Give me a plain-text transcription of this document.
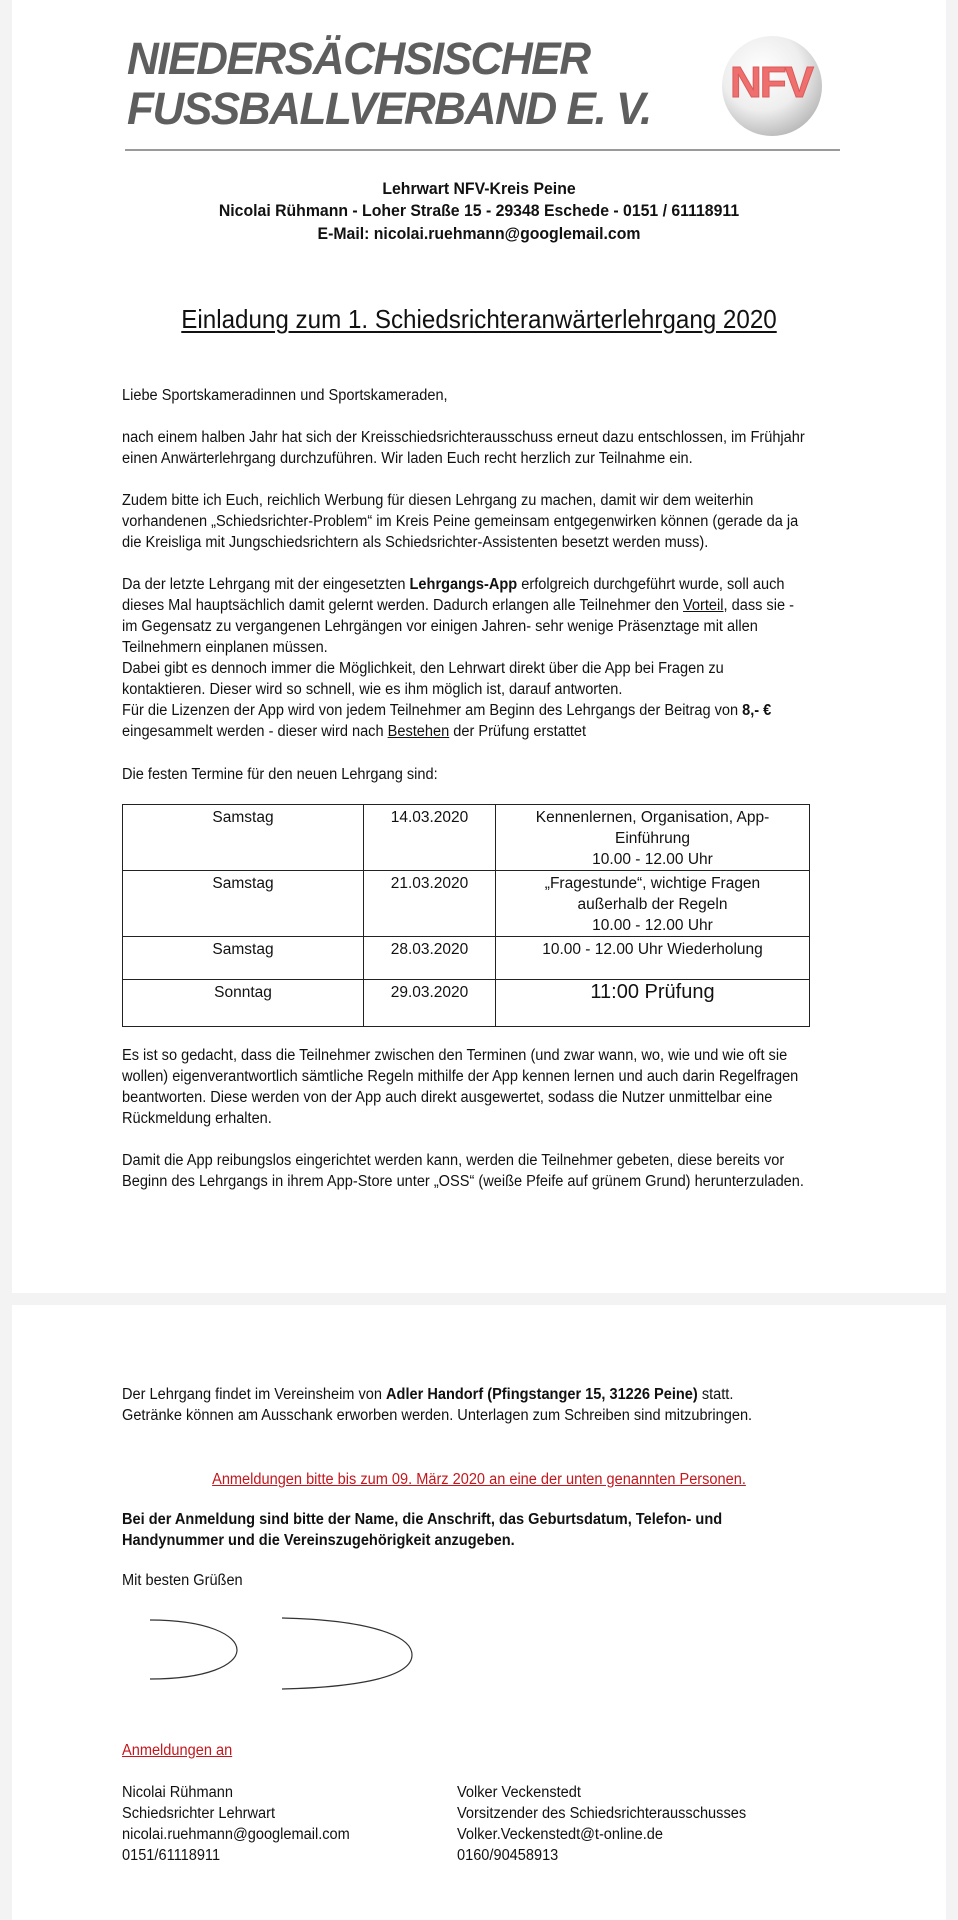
NIEDERSÄCHSISCHER
FUSSBALLVERBAND E. V.
NFV
Lehrwart NFV-Kreis Peine
Nicolai Rühmann - Loher Straße 15 - 29348 Eschede - 0151 / 61118911
E-Mail: nicolai.ruehmann@googlemail.com
Einladung zum 1. Schiedsrichteranwärterlehrgang 2020
Liebe Sportskameradinnen und Sportskameraden,
nach einem halben Jahr hat sich der Kreisschiedsrichterausschuss erneut dazu entschlossen, im Frühjahr einen Anwärterlehrgang durchzuführen. Wir laden Euch recht herzlich zur Teilnahme ein.
Zudem bitte ich Euch, reichlich Werbung für diesen Lehrgang zu machen, damit wir dem weiterhin vorhandenen „Schiedsrichter-Problem“ im Kreis Peine gemeinsam entgegenwirken können (gerade da ja die Kreisliga mit Jungschiedsrichtern als Schiedsrichter-Assistenten besetzt werden muss).
Da der letzte Lehrgang mit der eingesetzten Lehrgangs-App erfolgreich durchgeführt wurde, soll auch dieses Mal hauptsächlich damit gelernt werden. Dadurch erlangen alle Teilnehmer den Vorteil, dass sie - im Gegensatz zu vergangenen Lehrgängen vor einigen Jahren- sehr wenige Präsenztage mit allen Teilnehmern einplanen müssen.
Dabei gibt es dennoch immer die Möglichkeit, den Lehrwart direkt über die App bei Fragen zu kontaktieren. Dieser wird so schnell, wie es ihm möglich ist, darauf antworten.
Für die Lizenzen der App wird von jedem Teilnehmer am Beginn des Lehrgangs der Beitrag von 8,- € eingesammelt werden - dieser wird nach Bestehen der Prüfung erstattet
Die festen Termine für den neuen Lehrgang sind:
Samstag	14.03.2020	Kennenlernen, Organisation, App-
Einführung
10.00 - 12.00 Uhr

Samstag	21.03.2020	„Fragestunde“, wichtige Fragen
außerhalb der Regeln
10.00 - 12.00 Uhr

Samstag	28.03.2020	10.00 - 12.00 Uhr Wiederholung
Sonntag	29.03.2020	11:00 Prüfung
Es ist so gedacht, dass die Teilnehmer zwischen den Terminen (und zwar wann, wo, wie und wie oft sie wollen) eigenverantwortlich sämtliche Regeln mithilfe der App kennen lernen und auch darin Regelfragen beantworten. Diese werden von der App auch direkt ausgewertet, sodass die Nutzer unmittelbar eine Rückmeldung erhalten.
Damit die App reibungslos eingerichtet werden kann, werden die Teilnehmer gebeten, diese bereits vor Beginn des Lehrgangs in ihrem App-Store unter „OSS“ (weiße Pfeife auf grünem Grund) herunterzuladen.
Der Lehrgang findet im Vereinsheim von Adler Handorf (Pfingstanger 15, 31226 Peine) statt.
Getränke können am Ausschank erworben werden. Unterlagen zum Schreiben sind mitzubringen.
Anmeldungen bitte bis zum 09. März 2020 an eine der unten genannten Personen.
Bei der Anmeldung sind bitte der Name, die Anschrift, das Geburtsdatum, Telefon- und Handynummer und die Vereinszugehörigkeit anzugeben.
Mit besten Grüßen
Anmeldungen an
Nicolai Rühmann
Schiedsrichter Lehrwart
nicolai.ruehmann@googlemail.com
0151/61118911
Volker Veckenstedt
Vorsitzender des Schiedsrichterausschusses
Volker.Veckenstedt@t-online.de
0160/90458913
